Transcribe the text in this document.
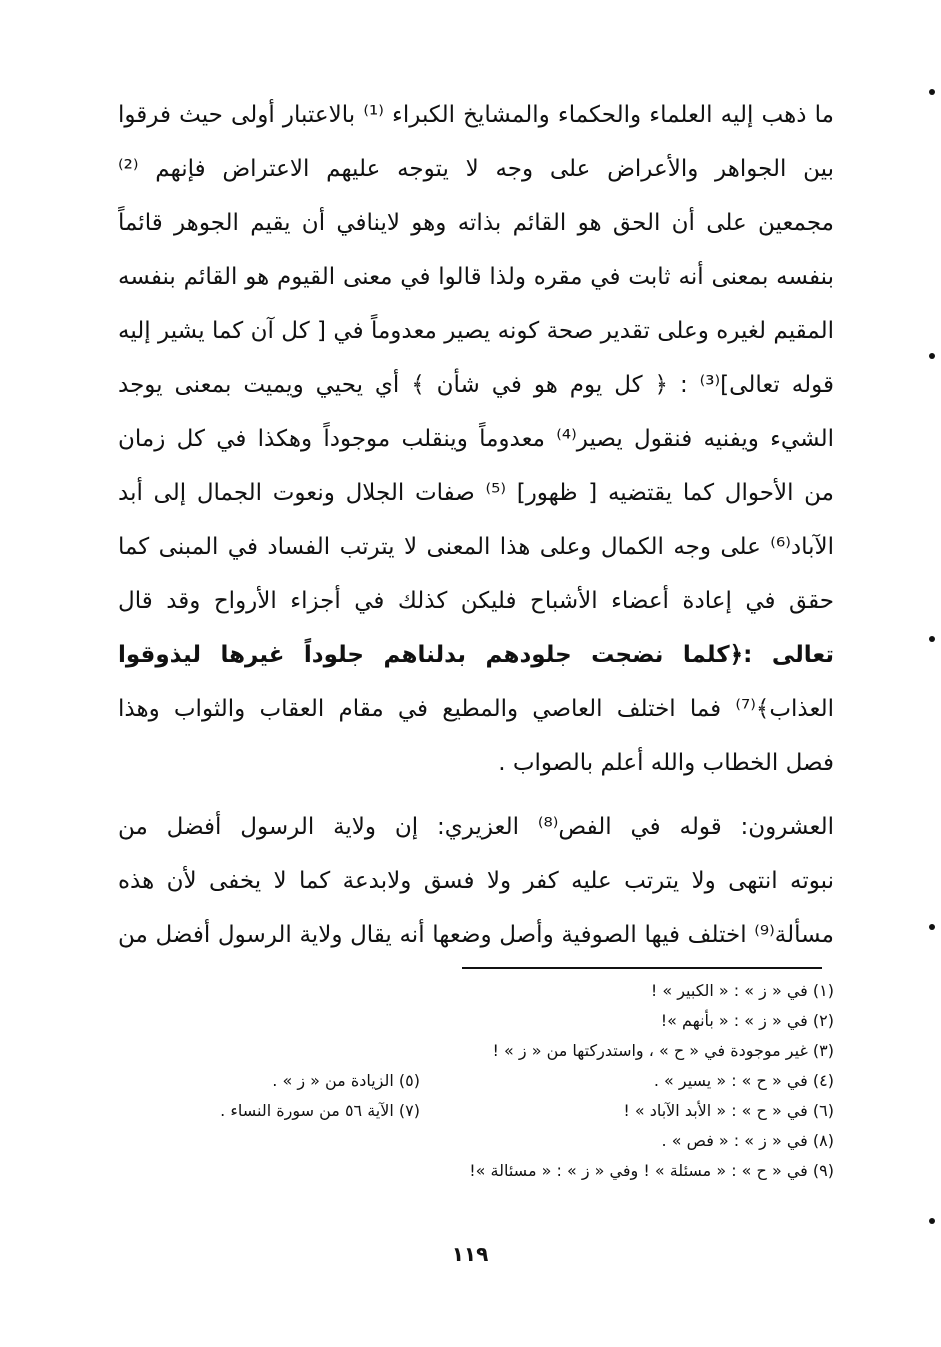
ما ذهب إليه العلماء والحكماء والمشايخ الكبراء ⁽¹⁾ بالاعتبار أولى حيث فرقوا
بين الجواهر والأعراض على وجه لا يتوجه عليهم الاعتراض فإنهم ⁽²⁾
مجمعين على أن الحق هو القائم بذاته وهو لاينافي أن يقيم الجوهر قائماً
بنفسه بمعنى أنه ثابت في مقره ولذا قالوا في معنى القيوم هو القائم بنفسه
المقيم لغيره وعلى تقدير صحة كونه يصير معدوماً في [ كل آن كما يشير إليه
قوله تعالى]⁽³⁾ : ﴿ كل يوم هو في شأن ﴾ أي يحيي ويميت بمعنى يوجد
الشيء ويفنيه فنقول يصير⁽⁴⁾ معدوماً وينقلب موجوداً وهكذا في كل زمان
من الأحوال كما يقتضيه [ ظهور] ⁽⁵⁾ صفات الجلال ونعوت الجمال إلى أبد
الآباد⁽⁶⁾ على وجه الكمال وعلى هذا المعنى لا يترتب الفساد في المبنى كما
حقق في إعادة أعضاء الأشباح فليكن كذلك في أجزاء الأرواح وقد قال
تعالى :﴿كلما نضجت جلودهم بدلناهم جلوداً غيرها ليذوقوا
العذاب﴾⁽⁷⁾ فما اختلف العاصي والمطيع في مقام العقاب والثواب وهذا
فصل الخطاب والله أعلم بالصواب .
العشرون: قوله في الفص⁽⁸⁾ العزيري: إن ولاية الرسول أفضل من
نبوته انتهى ولا يترتب عليه كفر ولا فسق ولابدعة كما لا يخفى لأن هذه
مسألة⁽⁹⁾ اختلف فيها الصوفية وأصل وضعها أنه يقال ولاية الرسول أفضل من
(١) في « ز » : « الكبير » !
(٢) في « ز » : « بأنهم »!
(٣) غير موجودة في « ح » ، واستدركتها من « ز » !
(٤) في « ح » : « يسير » .
(٥) الزيادة من « ز » .
(٦) في « ح » : « الأبد الآباد » !
(٧) الآية ٥٦ من سورة النساء .
(٨) في « ز » : « فص » .
(٩) في « ح » : « مسئلة » ! وفي « ز » : « مسئالة »!
١١٩
